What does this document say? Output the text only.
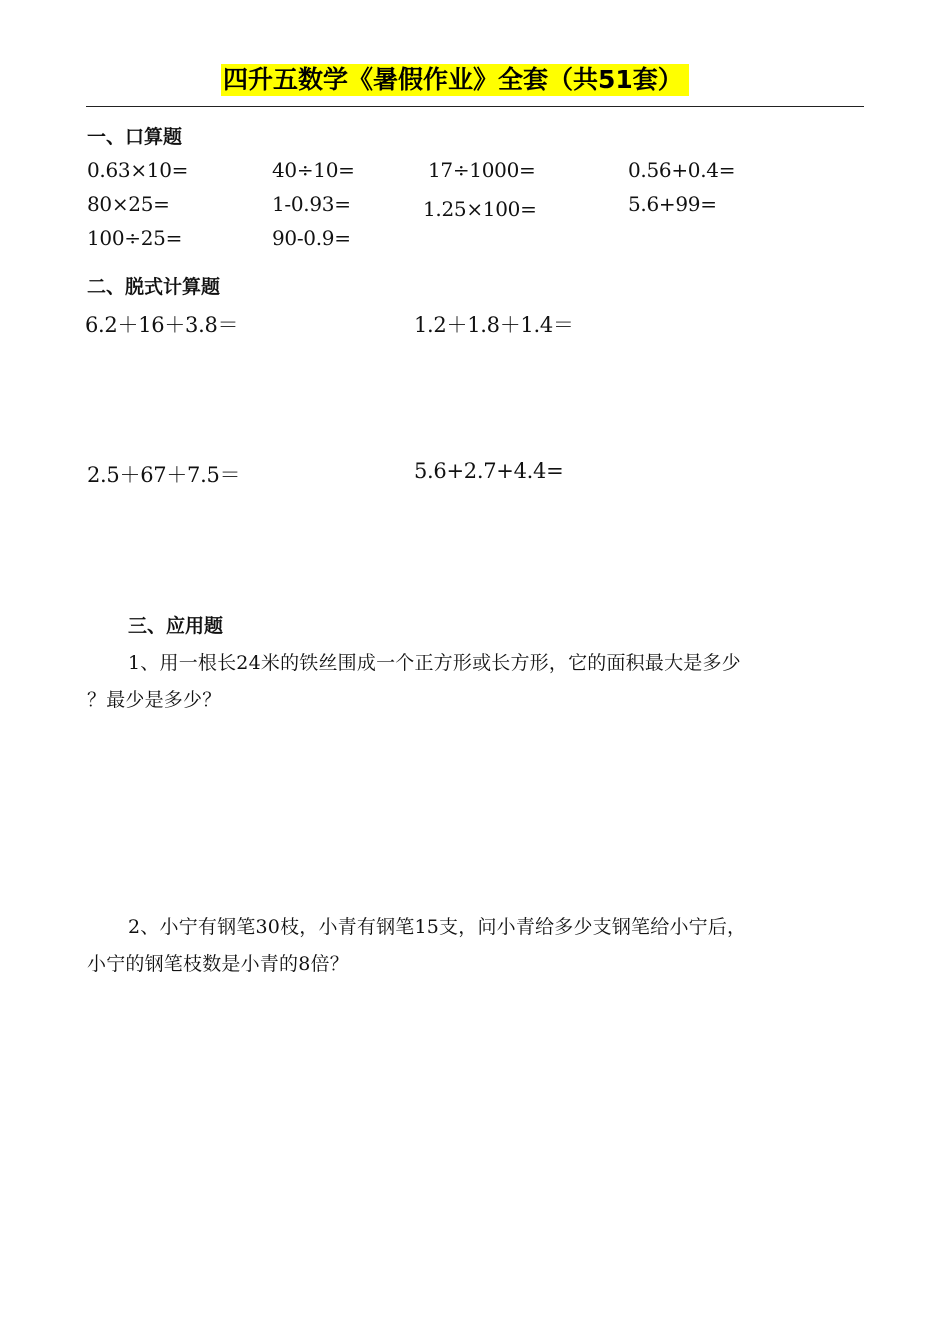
四升五数学《暑假作业》全套（共51套）
一、口算题
0.63×10=	40÷10=	17÷1000=	0.56+0.4=
80×25=	1-0.93=	1.25×100=	5.6+99=
100÷25=	90-0.9=
二、脱式计算题
6.2＋16＋3.8＝	1.2＋1.8＋1.4＝
2.5＋67＋7.5＝	5.6+2.7+4.4=
三、应用题
1、用一根长24米的铁丝围成一个正方形或长方形，它的面积最大是多少
？最少是多少？
2、小宁有钢笔30枝，小青有钢笔15支，问小青给多少支钢笔给小宁后，
小宁的钢笔枝数是小青的8倍？
